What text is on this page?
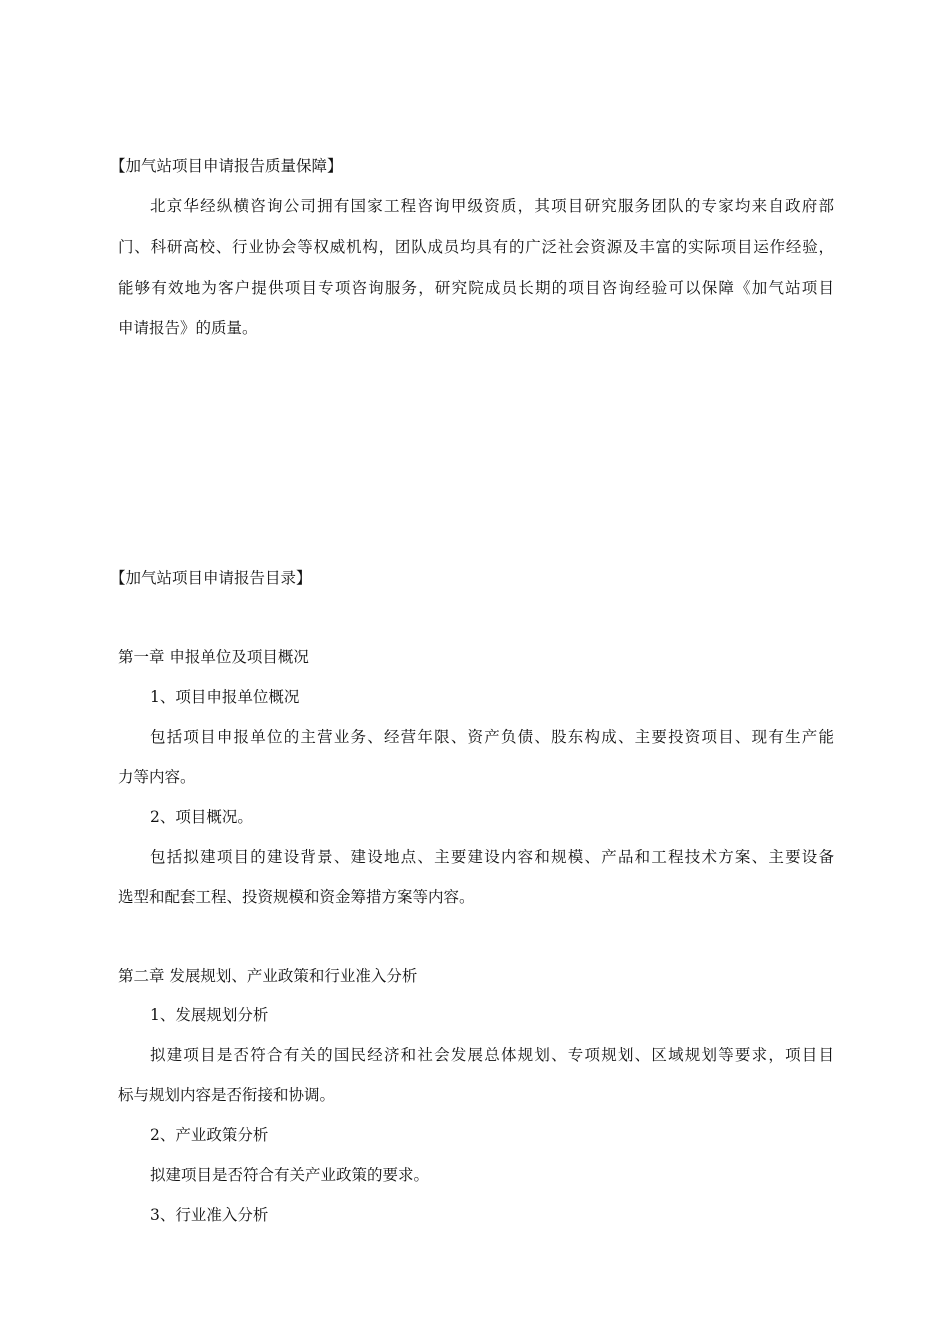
【加气站项目申请报告质量保障】

北京华经纵横咨询公司拥有国家工程咨询甲级资质，其项目研究服务团队的专家均来自政府部

门、科研高校、行业协会等权威机构，团队成员均具有的广泛社会资源及丰富的实际项目运作经验，

能够有效地为客户提供项目专项咨询服务，研究院成员长期的项目咨询经验可以保障《加气站项目

申请报告》的质量。

【加气站项目申请报告目录】

第一章 申报单位及项目概况

1、项目申报单位概况

包括项目申报单位的主营业务、经营年限、资产负债、股东构成、主要投资项目、现有生产能

力等内容。

2、项目概况。

包括拟建项目的建设背景、建设地点、主要建设内容和规模、产品和工程技术方案、主要设备

选型和配套工程、投资规模和资金筹措方案等内容。

第二章 发展规划、产业政策和行业准入分析

1、发展规划分析

拟建项目是否符合有关的国民经济和社会发展总体规划、专项规划、区域规划等要求，项目目

标与规划内容是否衔接和协调。

2、产业政策分析

拟建项目是否符合有关产业政策的要求。

3、行业准入分析
